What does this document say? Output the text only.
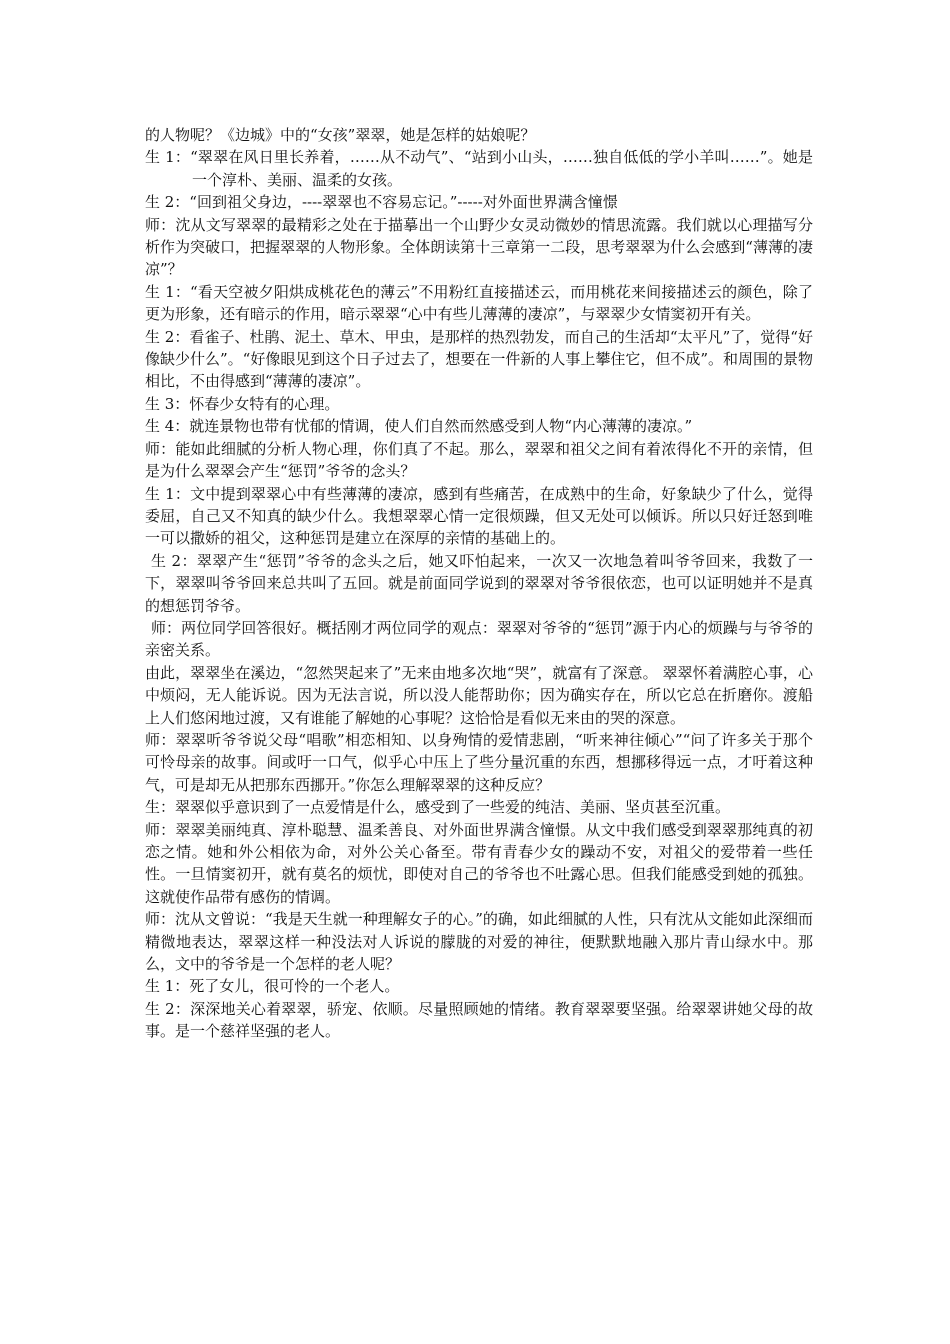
的人物呢？《边城》中的“女孩”翠翠，她是怎样的姑娘呢？

生 1：“翠翠在风日里长养着，……从不动气”、“站到小山头，……独自低低的学小羊叫……”。她是一个淳朴、美丽、温柔的女孩。

生 2：“回到祖父身边，----翠翠也不容易忘记。”-----对外面世界满含憧憬

师：沈从文写翠翠的最精彩之处在于描摹出一个山野少女灵动微妙的情思流露。我们就以心理描写分析作为突破口，把握翠翠的人物形象。全体朗读第十三章第一二段，思考翠翠为什么会感到“薄薄的凄凉”？

生 1：“看天空被夕阳烘成桃花色的薄云”不用粉红直接描述云，而用桃花来间接描述云的颜色，除了更为形象，还有暗示的作用，暗示翠翠“心中有些儿薄薄的凄凉”，与翠翠少女情窦初开有关。

生 2：看雀子、杜鹃、泥土、草木、甲虫，是那样的热烈勃发，而自己的生活却“太平凡”了，觉得“好像缺少什么”。“好像眼见到这个日子过去了，想要在一件新的人事上攀住它，但不成”。和周围的景物相比，不由得感到“薄薄的凄凉”。

生 3：怀春少女特有的心理。

生 4：就连景物也带有忧郁的情调，使人们自然而然感受到人物“内心薄薄的凄凉。”

师：能如此细腻的分析人物心理，你们真了不起。那么，翠翠和祖父之间有着浓得化不开的亲情，但是为什么翠翠会产生“惩罚”爷爷的念头？

生 1：文中提到翠翠心中有些薄薄的凄凉，感到有些痛苦，在成熟中的生命，好象缺少了什么，觉得委屈，自己又不知真的缺少什么。我想翠翠心情一定很烦躁，但又无处可以倾诉。所以只好迁怒到唯一可以撒娇的祖父，这种惩罚是建立在深厚的亲情的基础上的。

生 2：翠翠产生“惩罚”爷爷的念头之后，她又吓怕起来，一次又一次地急着叫爷爷回来，我数了一下，翠翠叫爷爷回来总共叫了五回。就是前面同学说到的翠翠对爷爷很依恋，也可以证明她并不是真的想惩罚爷爷。

师：两位同学回答很好。概括刚才两位同学的观点：翠翠对爷爷的“惩罚”源于内心的烦躁与与爷爷的亲密关系。

由此，翠翠坐在溪边，“忽然哭起来了”无来由地多次地“哭”，就富有了深意。 翠翠怀着满腔心事，心中烦闷，无人能诉说。因为无法言说，所以没人能帮助你；因为确实存在，所以它总在折磨你。渡船上人们悠闲地过渡，又有谁能了解她的心事呢？这恰恰是看似无来由的哭的深意。

师：翠翠听爷爷说父母“唱歌”相恋相知、以身殉情的爱情悲剧，“听来神往倾心”“问了许多关于那个可怜母亲的故事。间或吁一口气，似乎心中压上了些分量沉重的东西，想挪移得远一点，才吁着这种气，可是却无从把那东西挪开。”你怎么理解翠翠的这种反应？

生：翠翠似乎意识到了一点爱情是什么，感受到了一些爱的纯洁、美丽、坚贞甚至沉重。

师：翠翠美丽纯真、淳朴聪慧、温柔善良、对外面世界满含憧憬。从文中我们感受到翠翠那纯真的初恋之情。她和外公相依为命，对外公关心备至。带有青春少女的躁动不安，对祖父的爱带着一些任性。一旦情窦初开，就有莫名的烦忧，即使对自己的爷爷也不吐露心思。但我们能感受到她的孤独。这就使作品带有感伤的情调。

师：沈从文曾说：“我是天生就一种理解女子的心。”的确，如此细腻的人性，只有沈从文能如此深细而精微地表达，翠翠这样一种没法对人诉说的朦胧的对爱的神往，便默默地融入那片青山绿水中。那么，文中的爷爷是一个怎样的老人呢？

生 1：死了女儿，很可怜的一个老人。

生 2：深深地关心着翠翠，骄宠、依顺。尽量照顾她的情绪。教育翠翠要坚强。给翠翠讲她父母的故事。是一个慈祥坚强的老人。
